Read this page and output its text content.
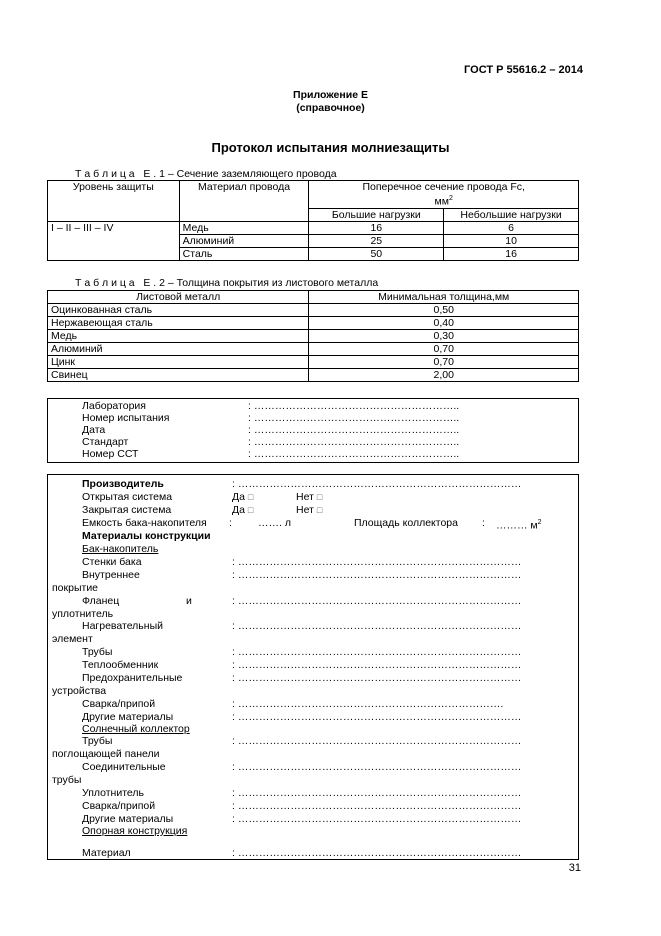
ГОСТ Р 55616.2 – 2014
Приложение Е
(справочное)
Протокол испытания молниезащиты
Т а б л и ц а   Е . 1 – Сечение заземляющего провода
Уровень защиты	Материал провода	Поперечное сечение провода Fc,
$мм^2$

		Большие нагрузки	Небольшие нагрузки
I – II – III – IV	Медь	16	6
	Алюминий	25	10
	Сталь	50	16
Т а б л и ц а   Е . 2 – Толщина покрытия из листового металла
Листовой металл	Минимальная толщина,мм
Оцинкованная сталь	0,50
Нержавеющая сталь	0,40
Медь	0,30
Алюминий	0,70
Цинк	0,70
Свинец	2,00
Лаборатория	: …………………………………………………..
Номер испытания	: …………………………………………………..
Дата	: …………………………………………………..
Стандарт	: …………………………………………………..
Номер ССТ	: …………………………………………………..
Производитель	: ………………………………………………………………………
Открытая система	Да □	Нет □
Закрытая система	Да □	Нет □
Емкость бака-накопителя : ……. л	Площадь коллектора : ……… $м^2$
Материалы конструкции
Бак-накопитель
Стенки бака	: ………………………………………………………………………
Внутреннее	: ………………………………………………………………………
покрытие
Фланец	и	: ………………………………………………………………………
уплотнитель
Нагревательный	: ………………………………………………………………………
элемент
Трубы	: ………………………………………………………………………
Теплообменник	: ………………………………………………………………………
Предохранительные	: ………………………………………………………………………
устройства
Сварка/припой	: ………………………………………………………………….
Другие материалы	: ………………………………………………………………………
Солнечный коллектор
Трубы	: ………………………………………………………………………
поглощающей панели
Соединительные	: ………………………………………………………………………
трубы
Уплотнитель	: ………………………………………………………………………
Сварка/припой	: ………………………………………………………………………
Другие материалы	: ………………………………………………………………………
Опорная конструкция
Материал	: ………………………………………………………………………
31
